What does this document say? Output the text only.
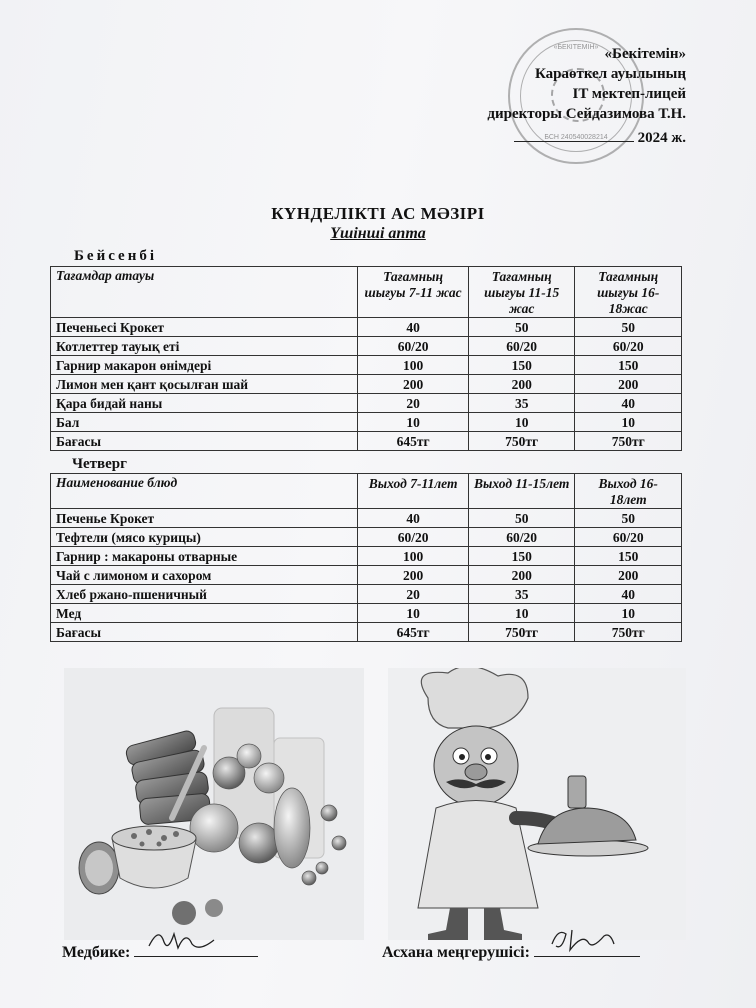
«БЕКІТЕМІН»
БСН 240540028214
«Бекітемін»
Караөткел ауылының
IT мектеп-лицей
директоры Сейдазимова Т.Н.
2024 ж.
КҮНДЕЛІКТІ АС МӘЗІРІ
Үшінші апта
Бейсенбі
Тағамдар атауы	Тағамның шығуы 7-11 жас	Тағамның шығуы 11-15 жас	Тағамның шығуы 16-18жас
Печеньесі Крокет	40	50	50
Котлеттер тауық еті	60/20	60/20	60/20
Гарнир макарон өнімдері	100	150	150
Лимон мен қант қосылған шай	200	200	200
Қара бидай наны	20	35	40
Бал	10	10	10
Бағасы	645тг	750тг	750тг
Четверг
Наименование блюд	Выход 7-11лет	Выход 11-15лет	Выход 16-18лет
Печенье Крокет	40	50	50
Тефтели (мясо курицы)	60/20	60/20	60/20
Гарнир : макароны отварные	100	150	150
Чай с лимоном и сахором	200	200	200
Хлеб ржано-пшеничный	20	35	40
Мед	10	10	10
Бағасы	645тг	750тг	750тг
Медбике:	Асхана меңгерушісі:
